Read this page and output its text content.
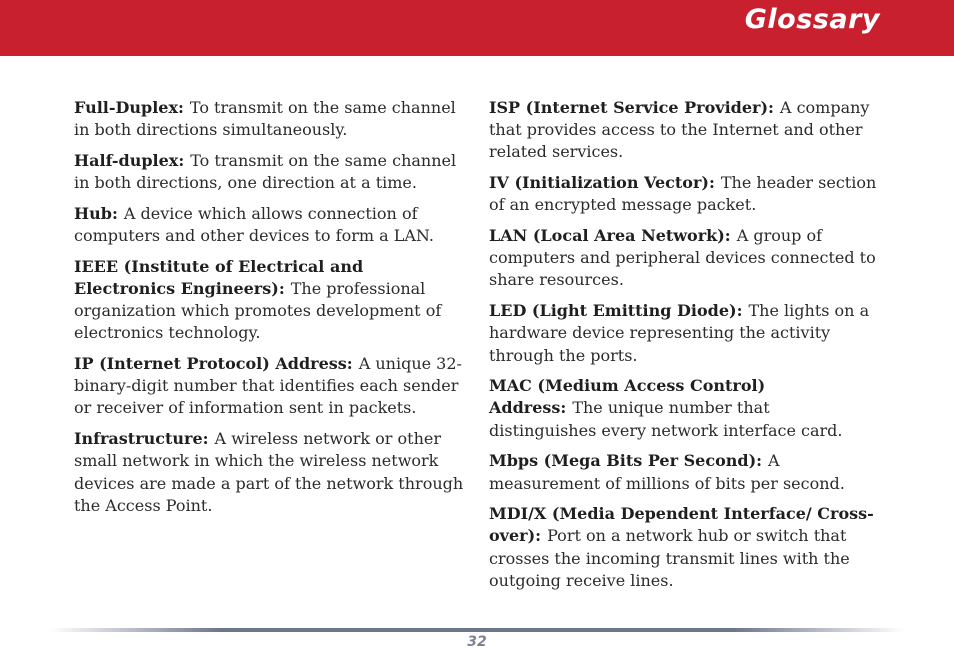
Glossary

Full-Duplex: To transmit on the same channel in both directions simultaneously.

Half-duplex: To transmit on the same channel in both directions, one direction at a time.

Hub: A device which allows connection of computers and other devices to form a LAN.

IEEE (Institute of Electrical and Electronics Engineers): The professional organization which promotes development of electronics technology.

IP (Internet Protocol) Address: A unique 32-binary-digit number that identiﬁes each sender or receiver of information sent in packets.

Infrastructure: A wireless network or other small network in which the wireless network devices are made a part of the network through the Access Point.

ISP (Internet Service Provider): A company that provides access to the Internet and other related services.

IV (Initialization Vector): The header section of an encrypted message packet.

LAN (Local Area Network): A group of computers and peripheral devices connected to share resources.

LED (Light Emitting Diode): The lights on a hardware device representing the activity through the ports.

MAC (Medium Access Control) Address: The unique number that distinguishes every network interface card.

Mbps (Mega Bits Per Second): A measurement of millions of bits per second.

MDI/X (Media Dependent Interface/ Cross-over): Port on a network hub or switch that crosses the incoming transmit lines with the outgoing receive lines.

32
